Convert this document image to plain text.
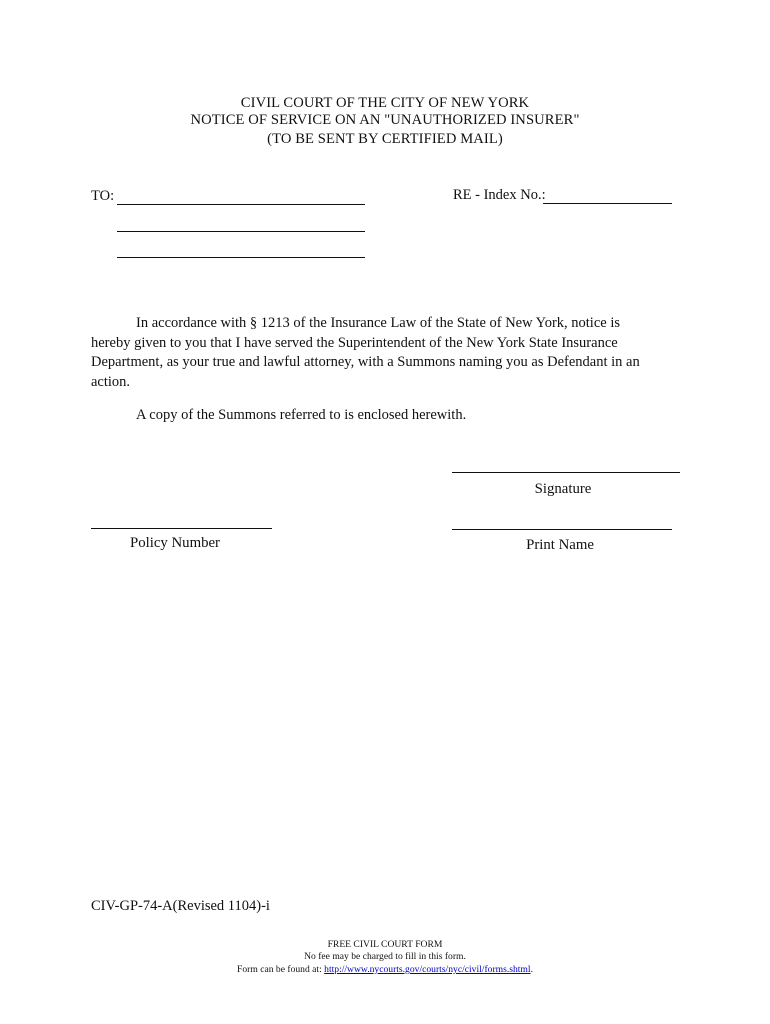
CIVIL COURT OF THE CITY OF NEW YORK
NOTICE OF SERVICE ON AN "UNAUTHORIZED INSURER"
(TO BE SENT BY CERTIFIED MAIL)
TO:	RE - Index No.:
In accordance with § 1213 of the Insurance Law of the State of New York, notice is
hereby given to you that I have served the Superintendent of the New York State Insurance
Department, as your true and lawful attorney, with a Summons naming you as Defendant in an
action.
A copy of the Summons referred to is enclosed herewith.
Signature
Policy Number	Print Name
CIV-GP-74-A(Revised 1104)-i
FREE CIVIL COURT FORM
No fee may be charged to fill in this form.
Form can be found at: http://www.nycourts.gov/courts/nyc/civil/forms.shtml.
